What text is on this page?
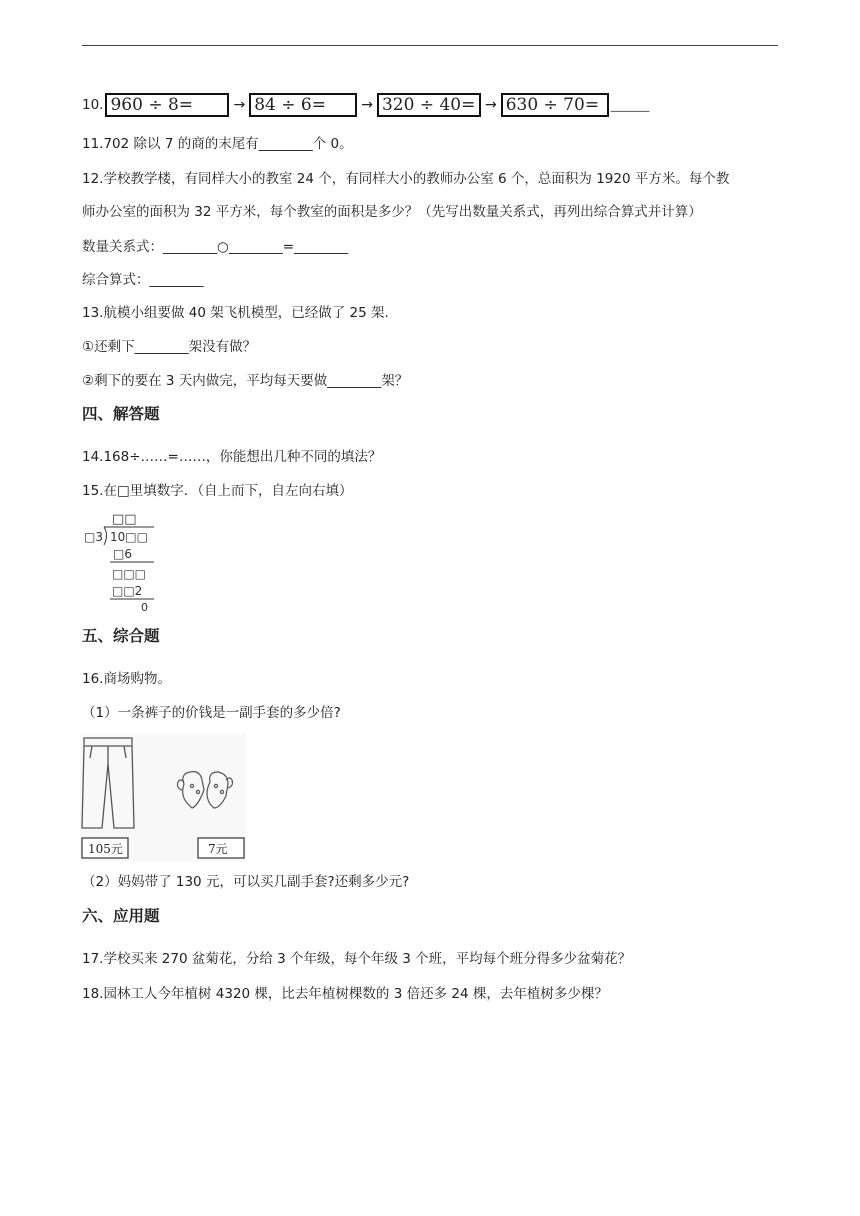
10. 960 ÷ 8=	→ 84 ÷ 6=	→ 320 ÷ 40= → 630 ÷ 70=	_______
11.702 除以 7 的商的末尾有________个 0。
12.学校教学楼，有同样大小的教室 24 个，有同样大小的教师办公室 6 个，总面积为 1920 平方米。每个教
师办公室的面积为 32 平方米，每个教室的面积是多少？（先写出数量关系式，再列出综合算式并计算）
数量关系式：________○________=________
综合算式：________
13.航模小组要做 40 架飞机模型，已经做了 25 架.
①还剩下________架没有做？
②剩下的要在 3 天内做完，平均每天要做________架？
四、解答题
14.168÷……=……，你能想出几种不同的填法？
15.在□里填数字．（自上而下，自左向右填）
□□
□3 10□□
□6
□□□
□□2
0
五、综合题
16.商场购物。
（1）一条裤子的价钱是一副手套的多少倍?
105元	7元
（2）妈妈带了 130 元，可以买几副手套?还剩多少元?
六、应用题
17.学校买来 270 盆菊花，分给 3 个年级，每个年级 3 个班，平均每个班分得多少盆菊花？
18.园林工人今年植树 4320 棵，比去年植树棵数的 3 倍还多 24 棵，去年植树多少棵？
